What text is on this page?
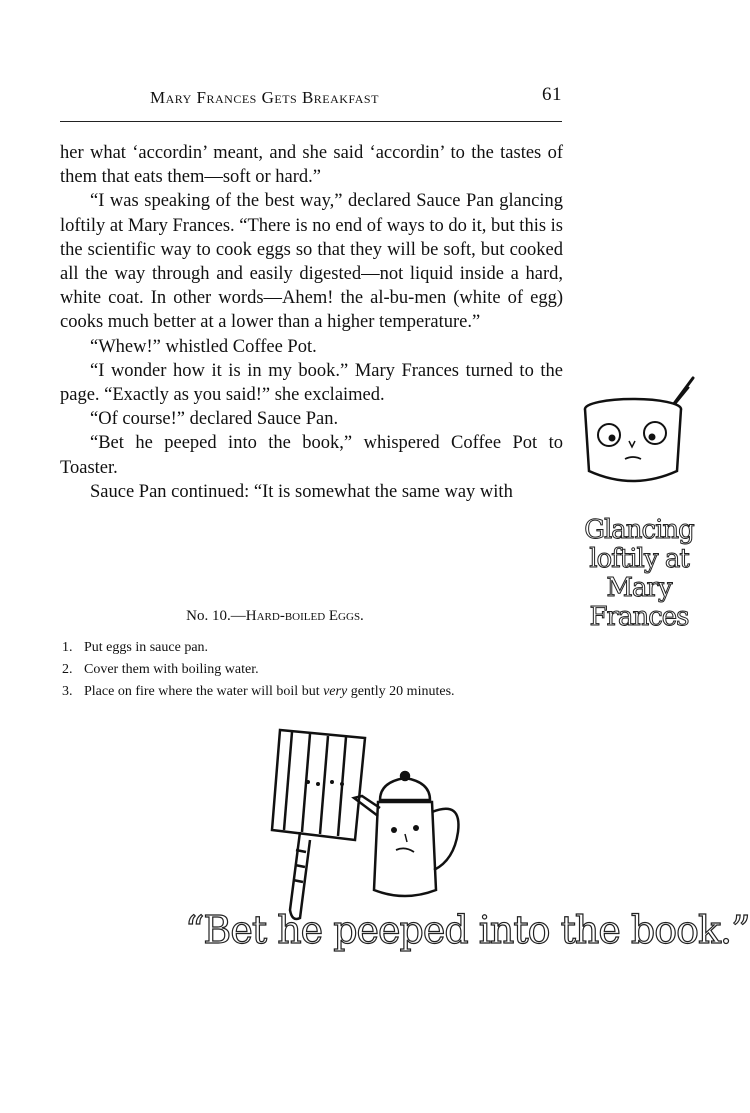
Mary Frances Gets Breakfast	61

her what ‘accordin’ meant, and she said ‘accordin’ to the tastes of them that eats them—soft or hard.”

“I was speaking of the best way,” declared Sauce Pan glancing loftily at Mary Frances. “There is no end of ways to do it, but this is the scientific way to cook eggs so that they will be soft, but cooked all the way through and easily digested—not liquid inside a hard, white coat. In other words—Ahem! the al-bu-men (white of egg) cooks much better at a lower than a higher temperature.”

“Whew!” whistled Coffee Pot.

“I wonder how it is in my book.” Mary Frances turned to the page. “Exactly as you said!” she exclaimed.

“Of course!” declared Sauce Pan.

“Bet he peeped into the book,” whispered Coffee Pot to Toaster.

Sauce Pan continued: “It is somewhat the same way with

No. 10.—Hard-boiled Eggs.
1. Put eggs in sauce pan.
2. Cover them with boiling water.
3. Place on fire where the water will boil but very gently 20 minutes.
Glancing loftily at Mary Frances
“Bet he peeped into the book.”
